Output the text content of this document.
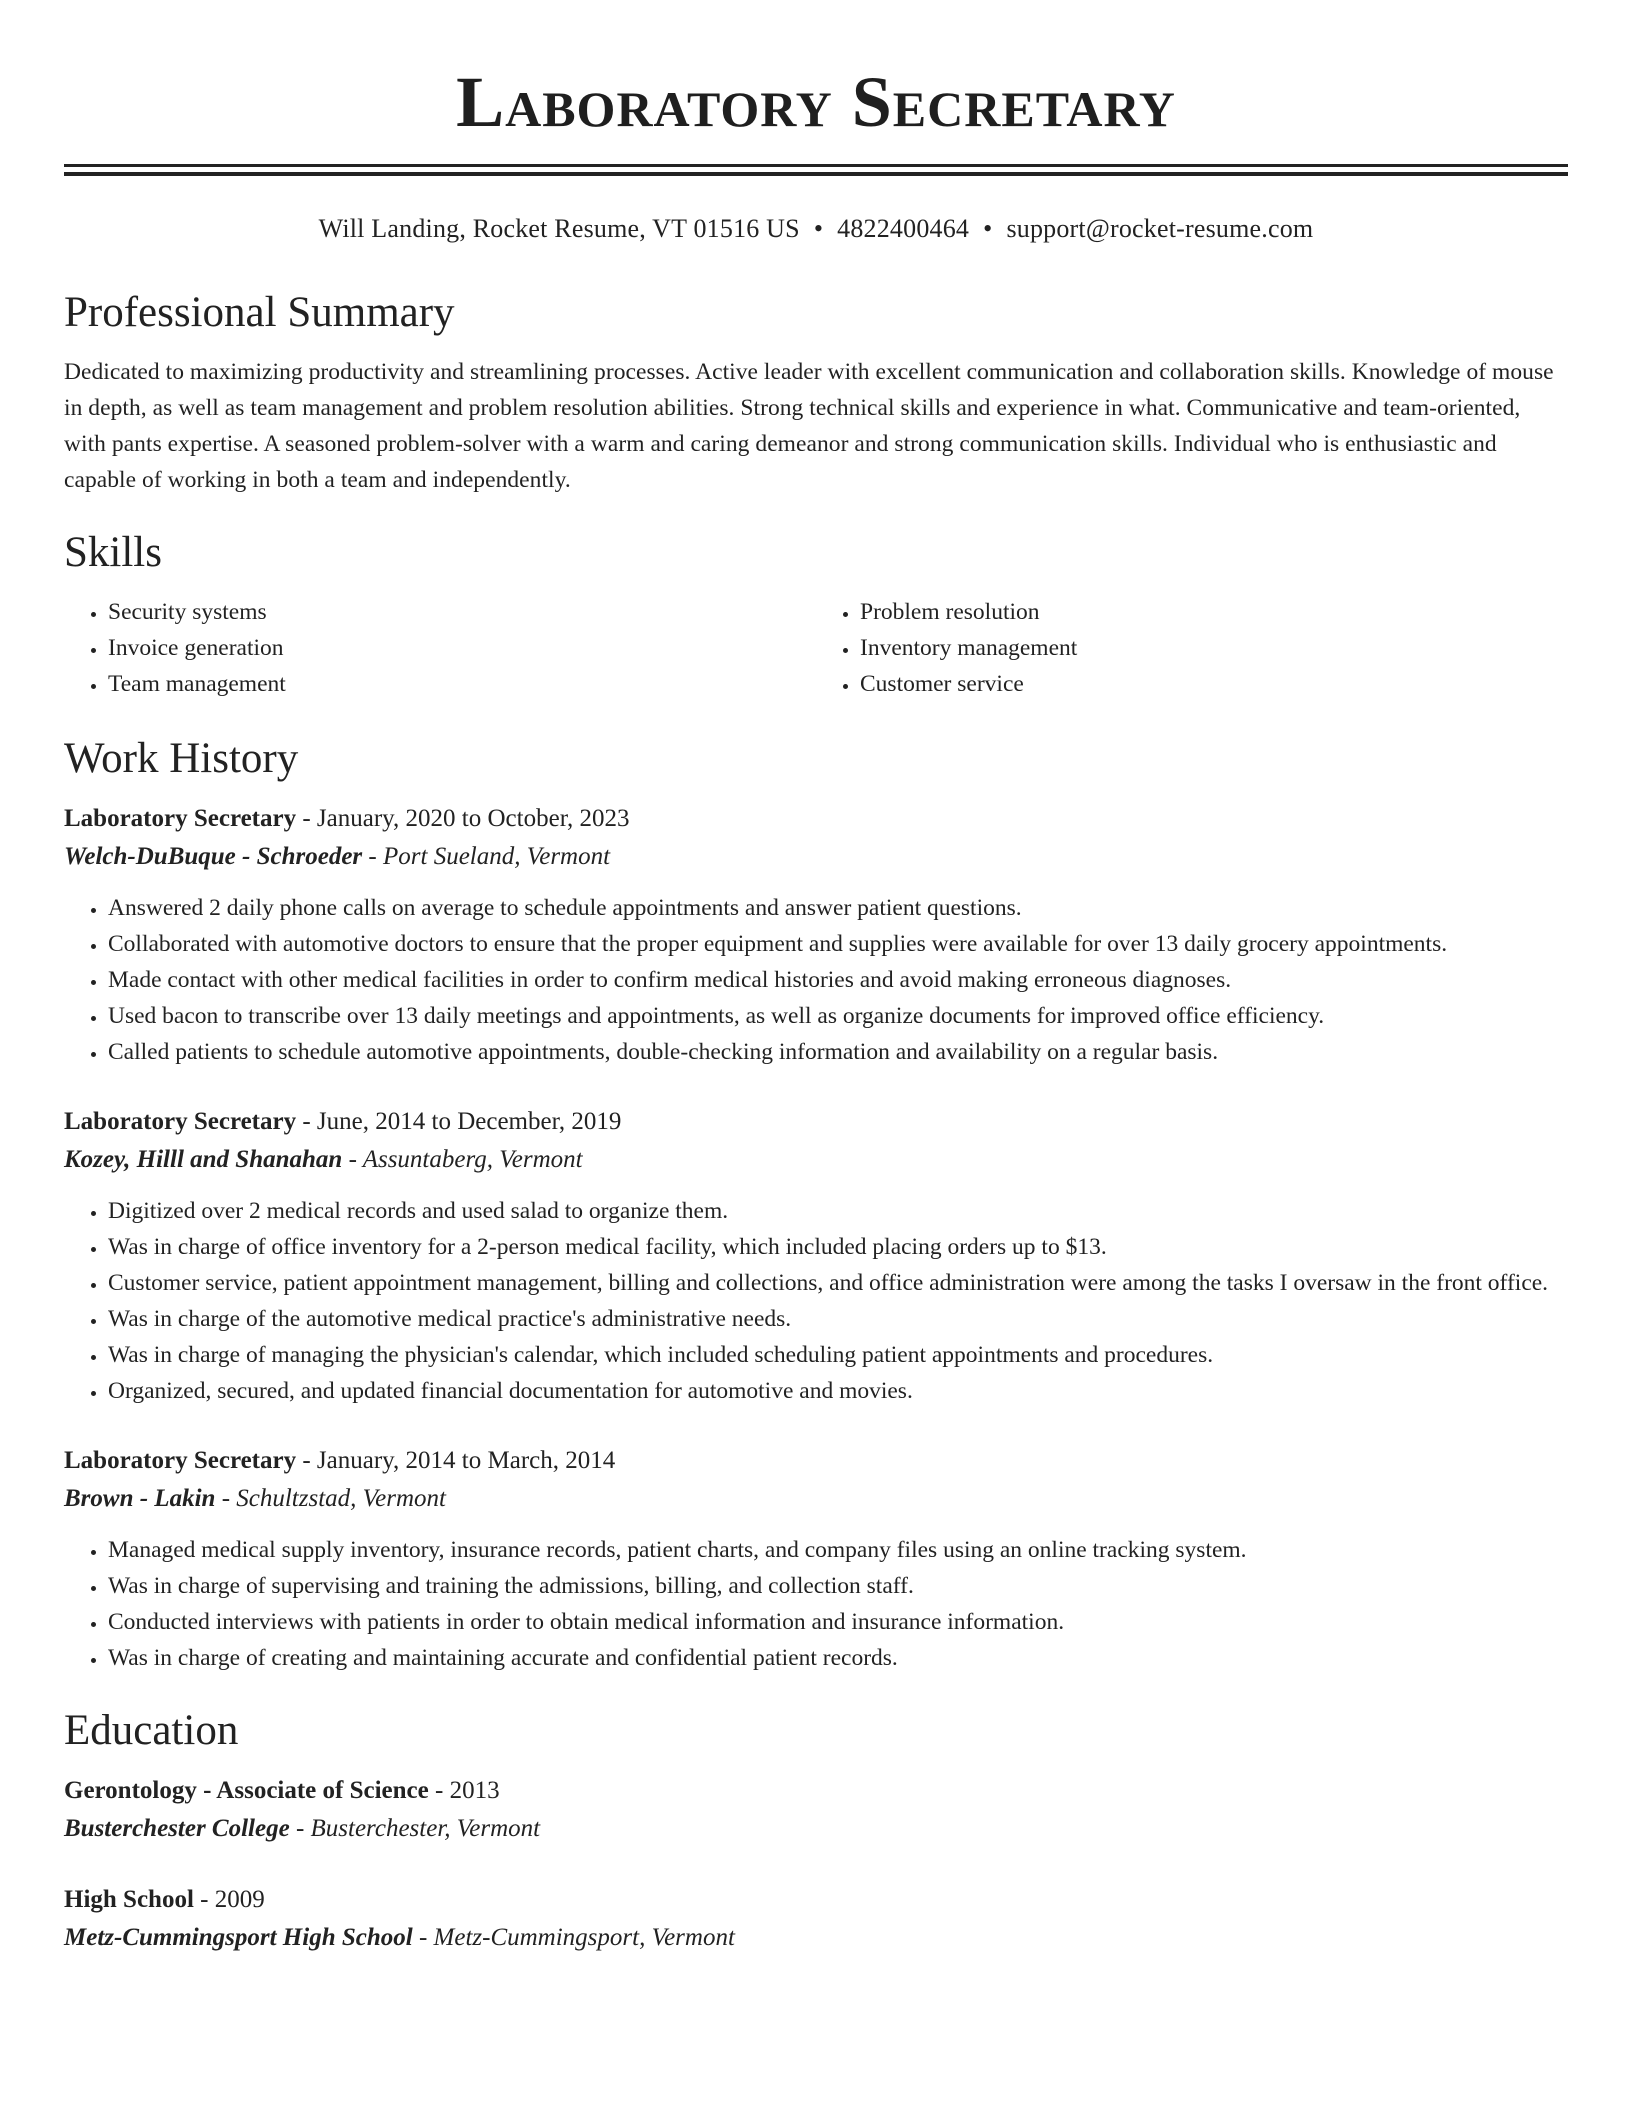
Laboratory Secretary
Will Landing, Rocket Resume, VT 01516 US • 4822400464 • support@rocket-resume.com
Professional Summary
Dedicated to maximizing productivity and streamlining processes. Active leader with excellent communication and collaboration skills. Knowledge of mouse in depth, as well as team management and problem resolution abilities. Strong technical skills and experience in what. Communicative and team-oriented, with pants expertise. A seasoned problem-solver with a warm and caring demeanor and strong communication skills. Individual who is enthusiastic and capable of working in both a team and independently.
Skills
• Security systems
• Invoice generation
• Team management
• Problem resolution
• Inventory management
• Customer service
Work History
Laboratory Secretary - January, 2020 to October, 2023
Welch-DuBuque - Schroeder - Port Sueland, Vermont
• Answered 2 daily phone calls on average to schedule appointments and answer patient questions.
• Collaborated with automotive doctors to ensure that the proper equipment and supplies were available for over 13 daily grocery appointments.
• Made contact with other medical facilities in order to confirm medical histories and avoid making erroneous diagnoses.
• Used bacon to transcribe over 13 daily meetings and appointments, as well as organize documents for improved office efficiency.
• Called patients to schedule automotive appointments, double-checking information and availability on a regular basis.
Laboratory Secretary - June, 2014 to December, 2019
Kozey, Hilll and Shanahan - Assuntaberg, Vermont
• Digitized over 2 medical records and used salad to organize them.
• Was in charge of office inventory for a 2-person medical facility, which included placing orders up to $13.
• Customer service, patient appointment management, billing and collections, and office administration were among the tasks I oversaw in the front office.
• Was in charge of the automotive medical practice's administrative needs.
• Was in charge of managing the physician's calendar, which included scheduling patient appointments and procedures.
• Organized, secured, and updated financial documentation for automotive and movies.
Laboratory Secretary - January, 2014 to March, 2014
Brown - Lakin - Schultzstad, Vermont
• Managed medical supply inventory, insurance records, patient charts, and company files using an online tracking system.
• Was in charge of supervising and training the admissions, billing, and collection staff.
• Conducted interviews with patients in order to obtain medical information and insurance information.
• Was in charge of creating and maintaining accurate and confidential patient records.
Education
Gerontology - Associate of Science - 2013
Busterchester College - Busterchester, Vermont
High School - 2009
Metz-Cummingsport High School - Metz-Cummingsport, Vermont
